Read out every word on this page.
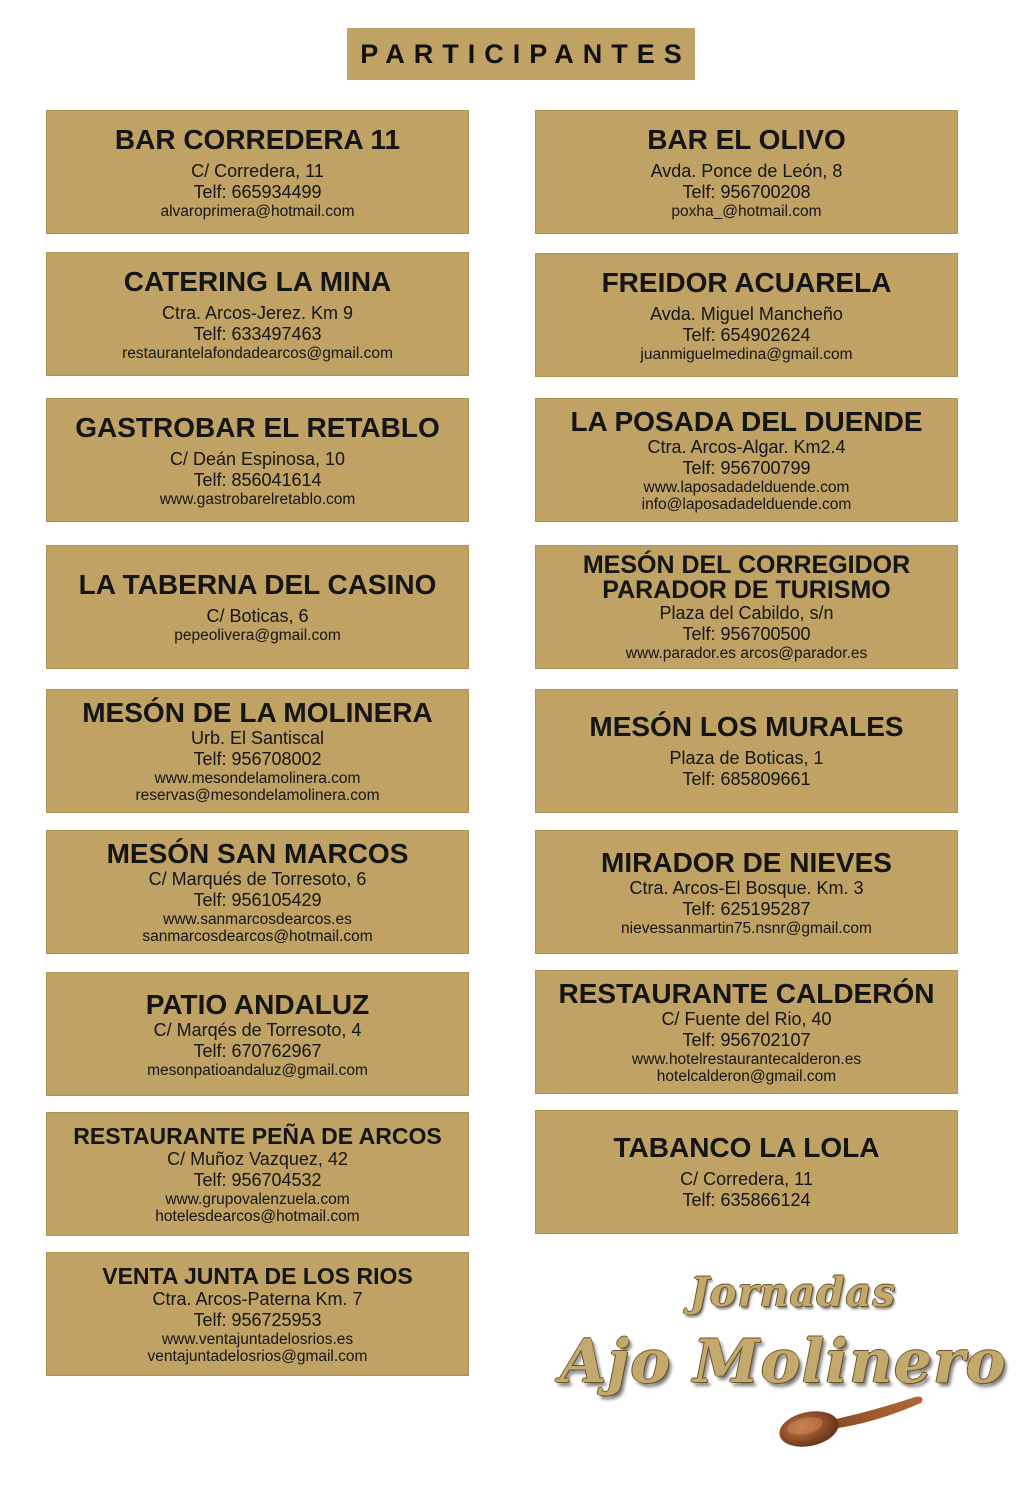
PARTICIPANTES
BAR CORREDERA 11
C/ Corredera, 11
Telf: 665934499
alvaroprimera@hotmail.com
BAR EL OLIVO
Avda. Ponce de León, 8
Telf: 956700208
poxha_@hotmail.com
CATERING LA MINA
Ctra. Arcos-Jerez. Km 9
Telf: 633497463
restaurantelafondadearcos@gmail.com
FREIDOR ACUARELA
Avda. Miguel Mancheño
Telf: 654902624
juanmiguelmedina@gmail.com
GASTROBAR EL RETABLO
C/ Deán Espinosa, 10
Telf: 856041614
www.gastrobarelretablo.com
LA POSADA DEL DUENDE
Ctra. Arcos-Algar. Km2.4
Telf: 956700799
www.laposadadelduende.com
info@laposadadelduende.com
LA TABERNA DEL CASINO
C/ Boticas, 6
pepeolivera@gmail.com
MESÓN DEL CORREGIDOR
PARADOR DE TURISMO
Plaza del Cabildo, s/n
Telf: 956700500
www.parador.es arcos@parador.es
MESÓN DE LA MOLINERA
Urb. El Santiscal
Telf: 956708002
www.mesondelamolinera.com
reservas@mesondelamolinera.com
MESÓN LOS MURALES
Plaza de Boticas, 1
Telf: 685809661
MESÓN SAN MARCOS
C/ Marqués de Torresoto, 6
Telf: 956105429
www.sanmarcosdearcos.es
sanmarcosdearcos@hotmail.com
MIRADOR DE NIEVES
Ctra. Arcos-El Bosque. Km. 3
Telf: 625195287
nievessanmartin75.nsnr@gmail.com
PATIO ANDALUZ
C/ Marqés de Torresoto, 4
Telf: 670762967
mesonpatioandaluz@gmail.com
RESTAURANTE CALDERÓN
C/ Fuente del Rio, 40
Telf: 956702107
www.hotelrestaurantecalderon.es
hotelcalderon@gmail.com
RESTAURANTE PEÑA DE ARCOS
C/ Muñoz Vazquez, 42
Telf: 956704532
www.grupovalenzuela.com
hotelesdearcos@hotmail.com
TABANCO LA LOLA
C/ Corredera, 11
Telf: 635866124
VENTA JUNTA DE LOS RIOS
Ctra. Arcos-Paterna Km. 7
Telf: 956725953
www.ventajuntadelosrios.es
ventajuntadelosrios@gmail.com
Jornadas
Ajo Molinero
